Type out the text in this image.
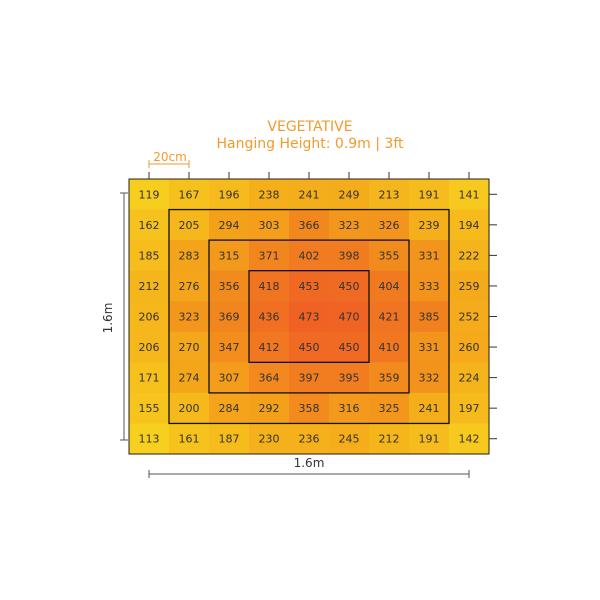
VEGETATIVE
Hanging Height: 0.9m | 3ft
20cm
119 167 196 238 241 249 213 191 141
162 205 294 303 366 323 326 239 194
185 283 315 371 402 398 355 331 222
212 276 356 418 453 450 404 333 259
206 323 369 436 473 470 421 385 252
206 270 347 412 450 450 410 331 260
171 274 307 364 397 395 359 332 224
155 200 284 292 358 316 325 241 197
113 161 187 230 236 245 212 191 142
1.6m
1.6m
